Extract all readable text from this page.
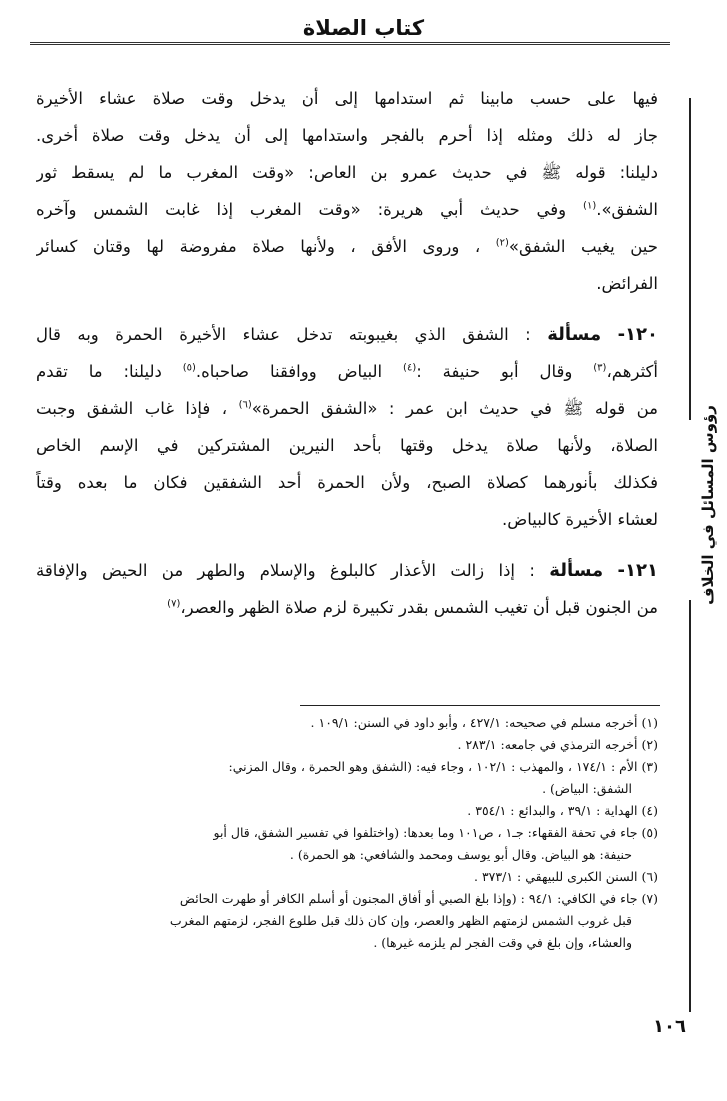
كتاب الصلاة
رؤوس المسائل في الخلاف
فيها على حسب مابينا ثم استدامها إلى أن يدخل وقت صلاة عشاء الأخيرة
جاز له ذلك ومثله إذا أحرم بالفجر واستدامها إلى أن يدخل وقت صلاة أخرى.
دليلنا: قوله ﷺ في حديث عمرو بن العاص: «وقت المغرب ما لم يسقط ثور
الشفق».$^{(١)}$ وفي حديث أبي هريرة: «وقت المغرب إذا غابت الشمس وآخره
حين يغيب الشفق»$^{(٢)}$ ، وروى الأفق ، ولأنها صلاة مفروضة لها وقتان كسائر
الفرائض.
١٢٠- مسألة : الشفق الذي بغيبوبته تدخل عشاء الأخيرة الحمرة وبه قال
أكثرهم،$^{(٣)}$ وقال أبو حنيفة :$^{(٤)}$ البياض ووافقنا صاحباه.$^{(٥)}$ دليلنا: ما تقدم
من قوله ﷺ في حديث ابن عمر : «الشفق الحمرة»$^{(٦)}$ ، فإذا غاب الشفق وجبت
الصلاة، ولأنها صلاة يدخل وقتها بأحد النيرين المشتركين في الإسم الخاص
فكذلك بأنورهما كصلاة الصبح، ولأن الحمرة أحد الشفقين فكان ما بعده وقتاً
لعشاء الأخيرة كالبياض.
١٢١- مسألة : إذا زالت الأعذار كالبلوغ والإسلام والطهر من الحيض والإفاقة
من الجنون قبل أن تغيب الشمس بقدر تكبيرة لزم صلاة الظهر والعصر،$^{(٧)}$
(١) أخرجه مسلم في صحيحه: ٤٢٧/١ ، وأبو داود في السنن: ١٠٩/١ .
(٢) أخرجه الترمذي في جامعه: ٢٨٣/١ .
(٣) الأم : ١٧٤/١ ، والمهذب : ١٠٢/١ ، وجاء فيه: (الشفق وهو الحمرة ، وقال المزني:
الشفق: البياض) .
(٤) الهداية : ٣٩/١ ، والبدائع : ٣٥٤/١ .
(٥) جاء في تحفة الفقهاء: جـ١ ، ص١٠١ وما بعدها: (واختلفوا في تفسير الشفق، قال أبو
حنيفة: هو البياض. وقال أبو يوسف ومحمد والشافعي: هو الحمرة) .
(٦) السنن الكبرى للبيهقي : ٣٧٣/١ .
(٧) جاء في الكافي: ٩٤/١ : (وإذا بلغ الصبي أو أفاق المجنون أو أسلم الكافر أو طهرت الحائض
قبل غروب الشمس لزمتهم الظهر والعصر، وإن كان ذلك قبل طلوع الفجر، لزمتهم المغرب
والعشاء، وإن بلغ في وقت الفجر لم يلزمه غيرها) .
١٠٦
